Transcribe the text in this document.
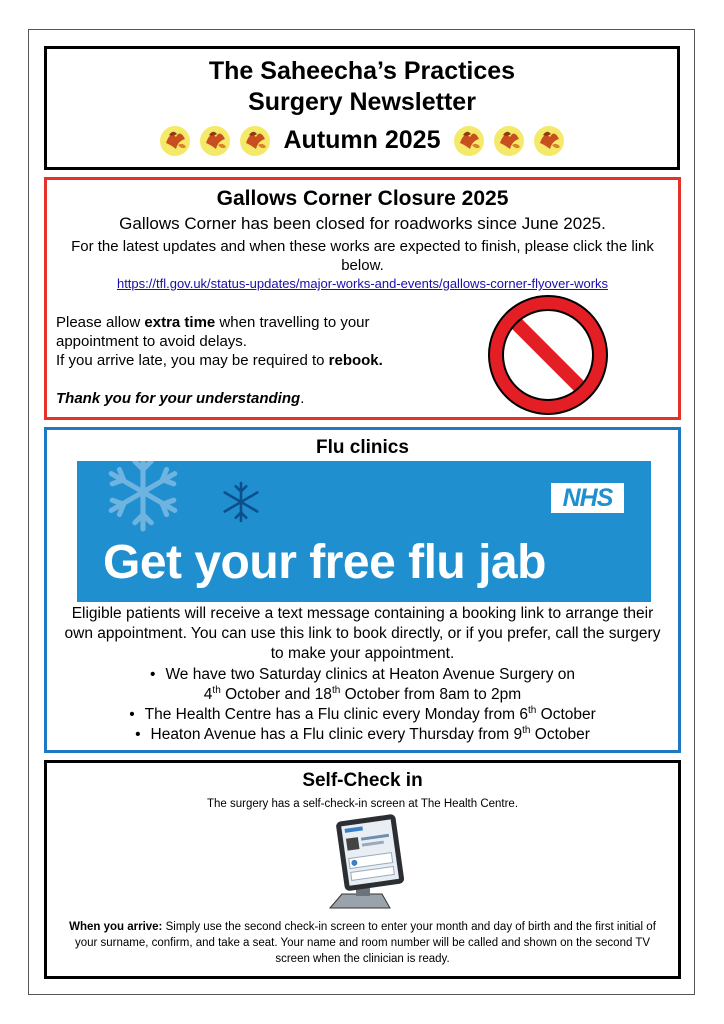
The Saheecha’s Practices
Surgery Newsletter
Autumn 2025
Gallows Corner Closure 2025
Gallows Corner has been closed for roadworks since June 2025.
For the latest updates and when these works are expected to finish, please click the link below.
https://tfl.gov.uk/status-updates/major-works-and-events/gallows-corner-flyover-works

Please allow extra time when travelling to your appointment to avoid delays.

If you arrive late, you may be required to rebook.

Thank you for your understanding.

Flu clinics
NHS
Get your free flu jab
Eligible patients will receive a text message containing a booking link to arrange their own appointment. You can use this link to book directly, or if you prefer, call the surgery to make your appointment.
• We have two Saturday clinics at Heaton Avenue Surgery on
4th October and 18th October from 8am to 2pm
• The Health Centre has a Flu clinic every Monday from 6th October
• Heaton Avenue has a Flu clinic every Thursday from 9th October
Self-Check in
The surgery has a self-check-in screen at The Health Centre.
When you arrive: Simply use the second check-in screen to enter your month and day of birth and the first initial of your surname, confirm, and take a seat. Your name and room number will be called and shown on the second TV screen when the clinician is ready.
